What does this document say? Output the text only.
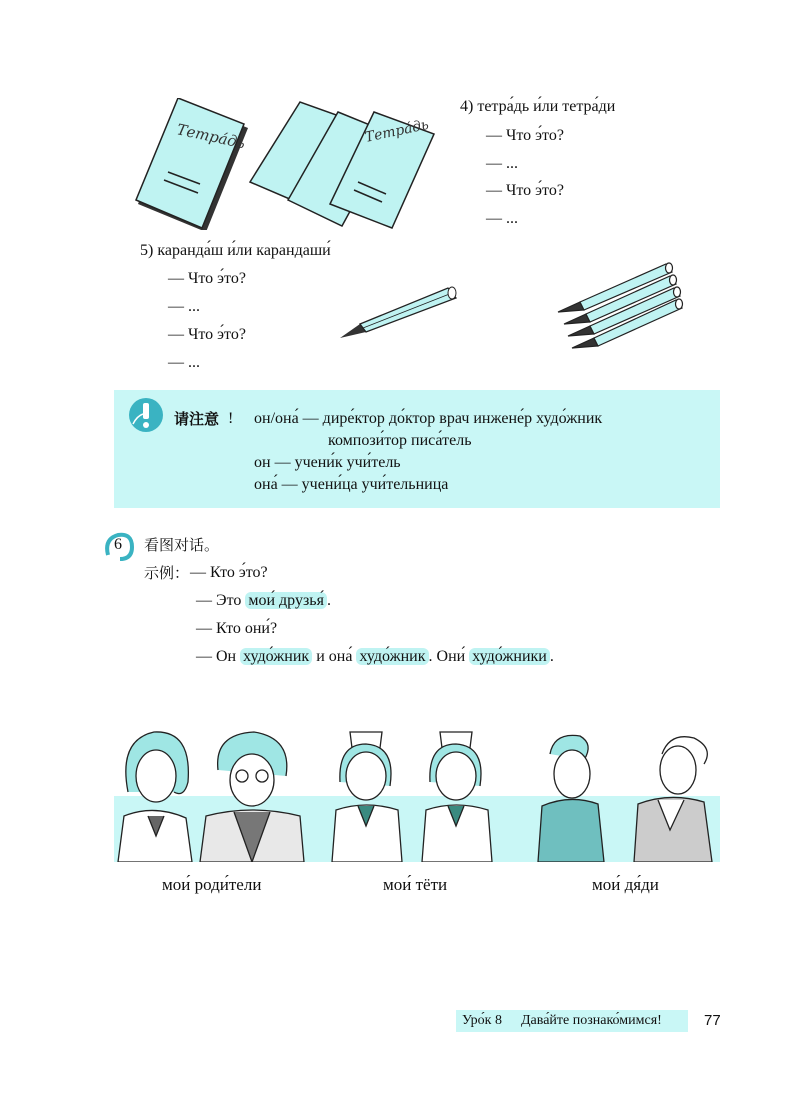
Тетра́дь	Тетра́дь
4) тетра́дь и́ли тетра́ди
— Что э́то?
— ...
— Что э́то?
— ...
5) каранда́ш и́ли карандаши́
— Что э́то?
— ...
— Что э́то?
— ...
请注意 ! он/она́ — дире́ктор до́ктор врач инжене́р худо́жник
компози́тор писа́тель
он — учени́к учи́тель
она́ — учени́ца учи́тельница
6 看图对话。
示例： — Кто э́то?
— Это мои́ друзья́ .
— Кто они́?
— Он худо́жник и она́ худо́жник . Они́ худо́жники .
мои́ роди́тели	мои́ тёти	мои́ дя́ди
Уро́к 8 Дава́йте познако́мимся!	77
